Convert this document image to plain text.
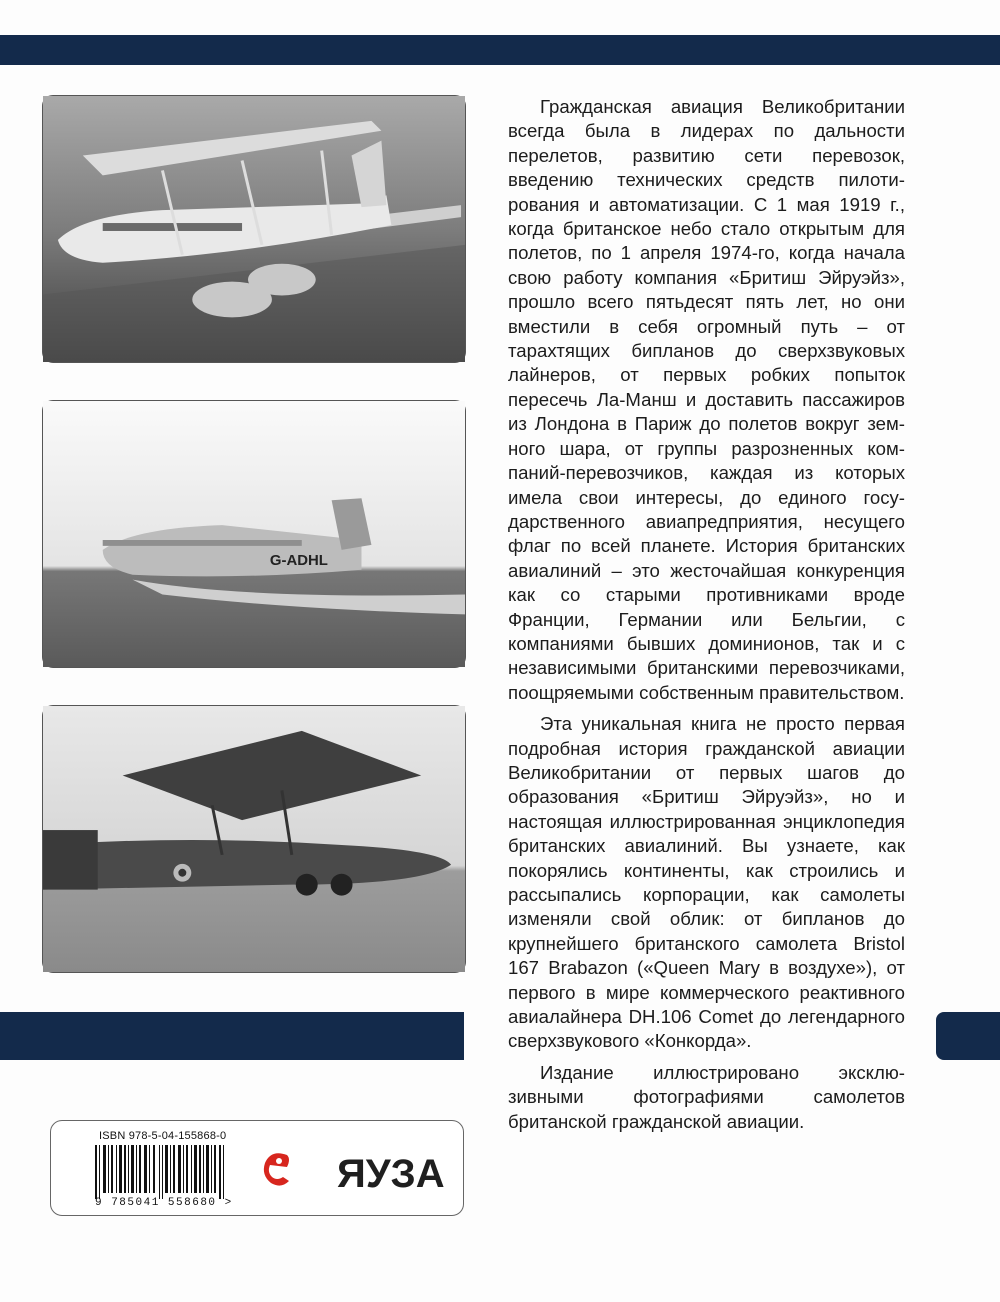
G-ADHL

Гражданская авиация Великобритании всегда была в лидерах по дальности перелетов, развитию сети перевозок, введению технических средств пилотирования и автоматизации. С 1 мая 1919 г., когда британское небо стало открытым для полетов, по 1 апреля 1974-го, когда начала свою работу компания «Бритиш Эйруэйз», прошло всего пятьдесят пять лет, но они вместили в себя огромный путь – от тарахтящих бипланов до сверхзвуковых лайнеров, от первых робких попыток пересечь Ла-Манш и доставить пассажиров из Лондона в Париж до полетов вокруг земного шара, от группы разрозненных компаний-перевозчиков, каждая из которых имела свои интересы, до единого государственного авиапредприятия, несущего флаг по всей планете. История британских авиалиний – это жесточайшая конкуренция как со старыми противниками вроде Франции, Германии или Бельгии, с компаниями бывших доминионов, так и с независимыми британскими перевозчиками, поощряемыми собственным правительством.

Эта уникальная книга не просто первая подробная история гражданской авиации Великобритании от первых шагов до образования «Бритиш Эйруэйз», но и настоящая иллюстрированная энциклопедия британских авиалиний. Вы узнаете, как покорялись континенты, как строились и рассыпались корпорации, как самолеты изменяли свой облик: от бипланов до крупнейшего британского самолета Bristol 167 Brabazon («Queen Mary в воздухе»), от первого в мире коммерческого реактивного авиалайнера DH.106 Comet до легендарного сверхзвукового «Конкорда».

Издание иллюстрировано эксклюзивными фотографиями самолетов британской гражданской авиации.

ISBN 978-5-04-155868-0
9 785041 558680 >
ЯУЗА
